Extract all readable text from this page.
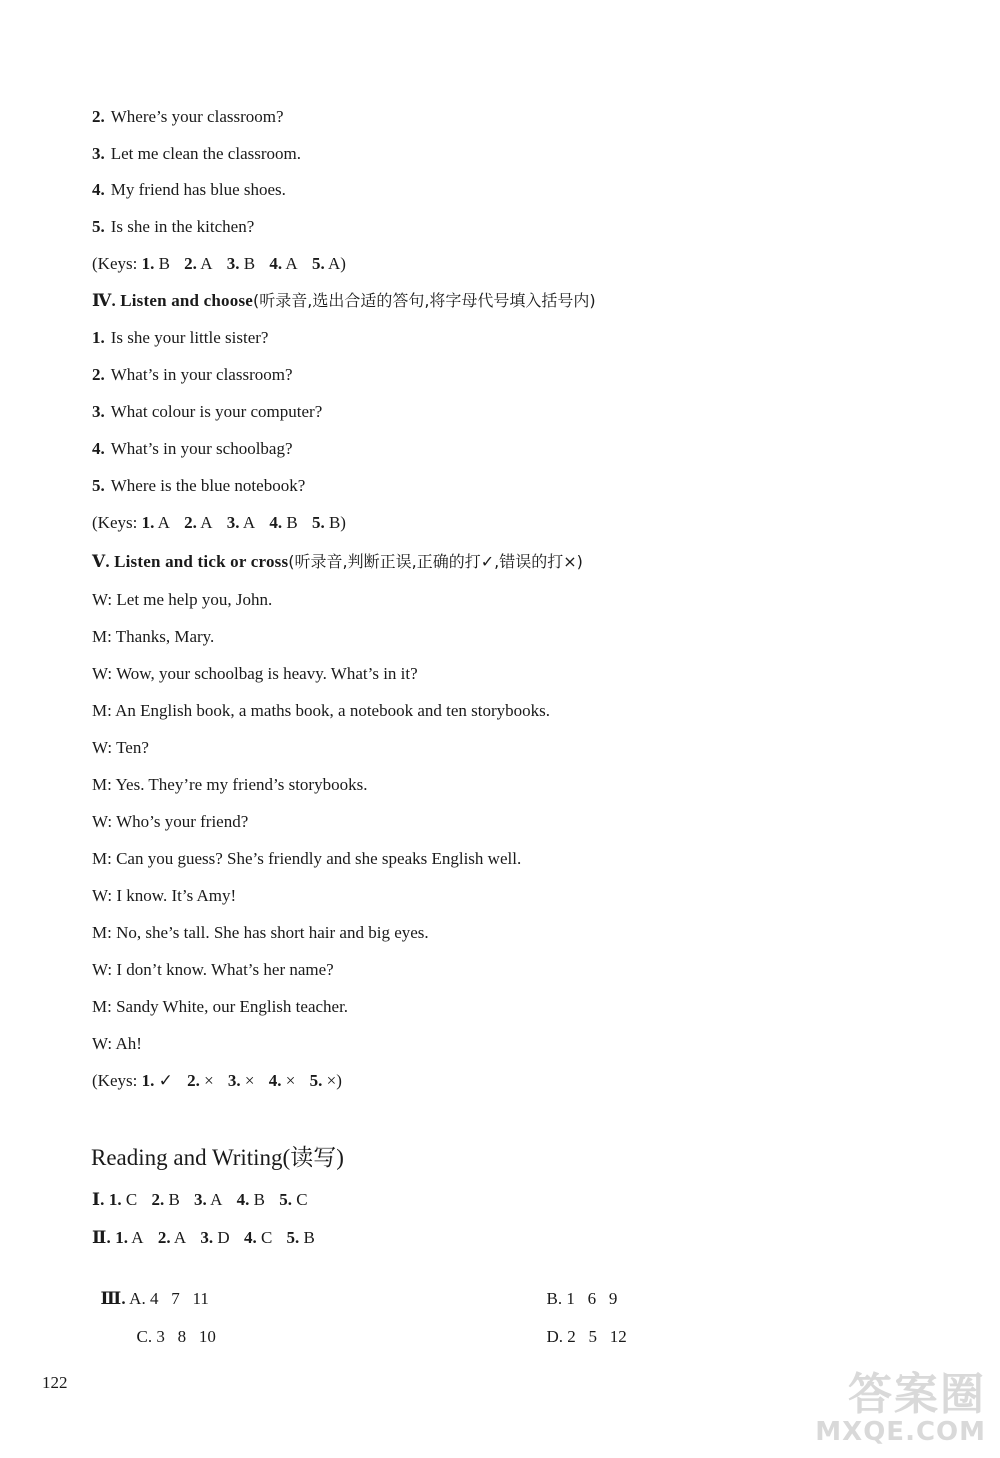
2. Where’s your classroom?
3. Let me clean the classroom.
4. My friend has blue shoes.
5. Is she in the kitchen?
(Keys: 1. B 2. A 3. B 4. A 5. A)
Ⅳ. Listen and choose(听录音,选出合适的答句,将字母代号填入括号内)
1. Is she your little sister?
2. What’s in your classroom?
3. What colour is your computer?
4. What’s in your schoolbag?
5. Where is the blue notebook?
(Keys: 1. A 2. A 3. A 4. B 5. B)
Ⅴ. Listen and tick or cross(听录音,判断正误,正确的打✓,错误的打×)
W: Let me help you, John.
M: Thanks, Mary.
W: Wow, your schoolbag is heavy. What’s in it?
M: An English book, a maths book, a notebook and ten storybooks.
W: Ten?
M: Yes. They’re my friend’s storybooks.
W: Who’s your friend?
M: Can you guess? She’s friendly and she speaks English well.
W: I know. It’s Amy!
M: No, she’s tall. She has short hair and big eyes.
W: I don’t know. What’s her name?
M: Sandy White, our English teacher.
W: Ah!
(Keys: 1. ✓ 2. × 3. × 4. × 5. ×)
Reading and Writing(读写)
Ⅰ. 1. C 2. B 3. A 4. B 5. C
Ⅱ. 1. A 2. A 3. D 4. C 5. B

Ⅲ. A. 4   7   11	B. 1   6   9

C. 3   8   10	D. 2   5   12

122	答案圈
MXQE.COM
